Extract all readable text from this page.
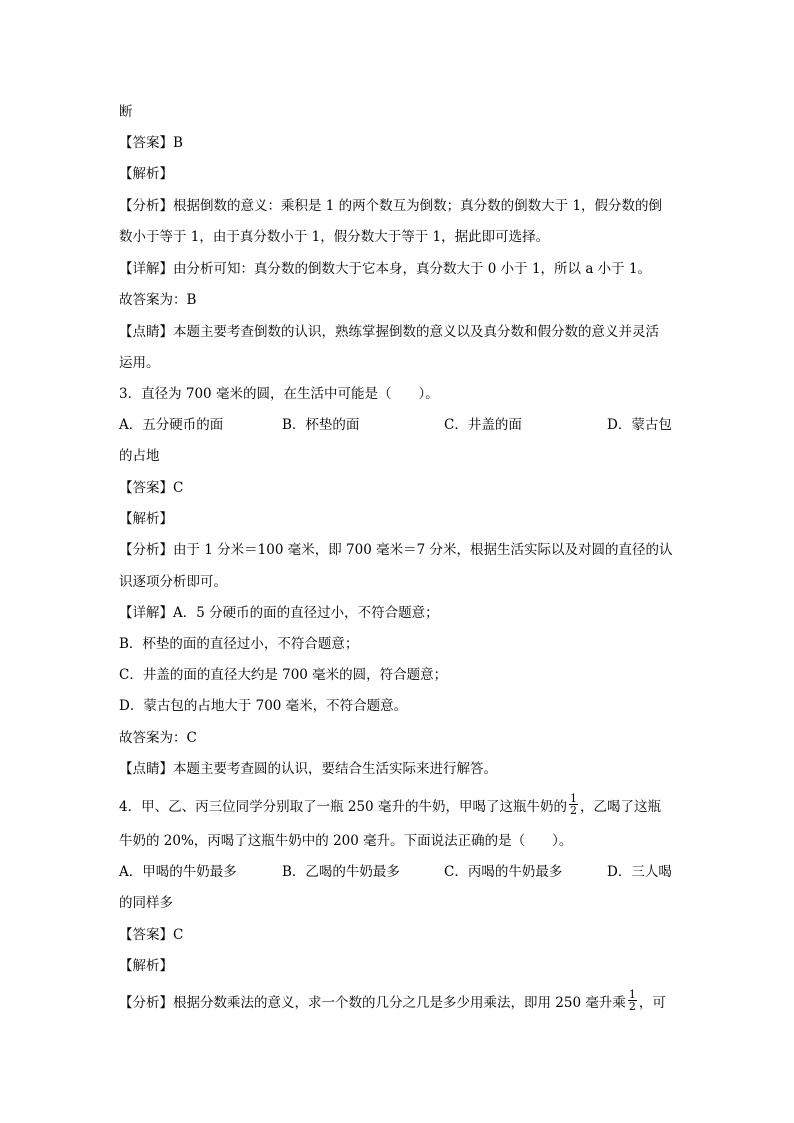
断
【答案】B
【解析】
【分析】根据倒数的意义：乘积是 1 的两个数互为倒数；真分数的倒数大于 1，假分数的倒
数小于等于 1，由于真分数小于 1，假分数大于等于 1，据此即可选择。
【详解】由分析可知：真分数的倒数大于它本身，真分数大于 0 小于 1，所以 a 小于 1。
故答案为：B
【点睛】本题主要考查倒数的认识，熟练掌握倒数的意义以及真分数和假分数的意义并灵活
运用。
3．直径为 700 毫米的圆，在生活中可能是（　　）。
A．五分硬币的面	B．杯垫的面	C．井盖的面	D．蒙古包
的占地
【答案】C
【解析】
【分析】由于 1 分米＝100 毫米，即 700 毫米＝7 分米，根据生活实际以及对圆的直径的认
识逐项分析即可。
【详解】A．5 分硬币的面的直径过小，不符合题意；
B．杯垫的面的直径过小，不符合题意；
C．井盖的面的直径大约是 700 毫米的圆，符合题意；
D．蒙古包的占地大于 700 毫米，不符合题意。
故答案为：C
【点睛】本题主要考查圆的认识，要结合生活实际来进行解答。
4．甲、乙、丙三位同学分别取了一瓶 250 毫升的牛奶，甲喝了这瓶牛奶的 $\frac{1}{2}$ ，乙喝了这瓶
牛奶的 20%，丙喝了这瓶牛奶中的 200 毫升。下面说法正确的是（　　）。
A．甲喝的牛奶最多	B．乙喝的牛奶最多	C．丙喝的牛奶最多	D．三人喝
的同样多
【答案】C
【解析】
【分析】根据分数乘法的意义，求一个数的几分之几是多少用乘法，即用 250 毫升乘 $\frac{1}{2}$ ，可
